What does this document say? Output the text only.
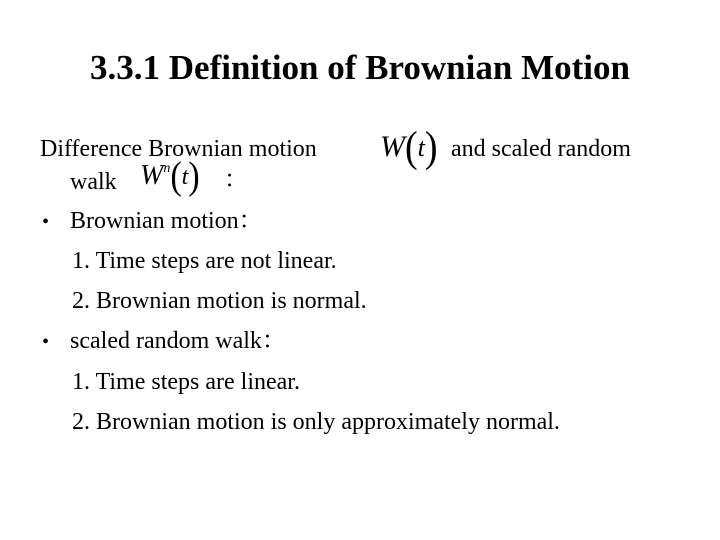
3.3.1 Definition of Brownian Motion
Difference Brownian motion W(t) and scaled random
walk $W^n(t)$ ：
• Brownian motion：
1. Time steps are not linear.
2. Brownian motion is normal.
• scaled random walk：
1. Time steps are linear.
2. Brownian motion is only approximately normal.
